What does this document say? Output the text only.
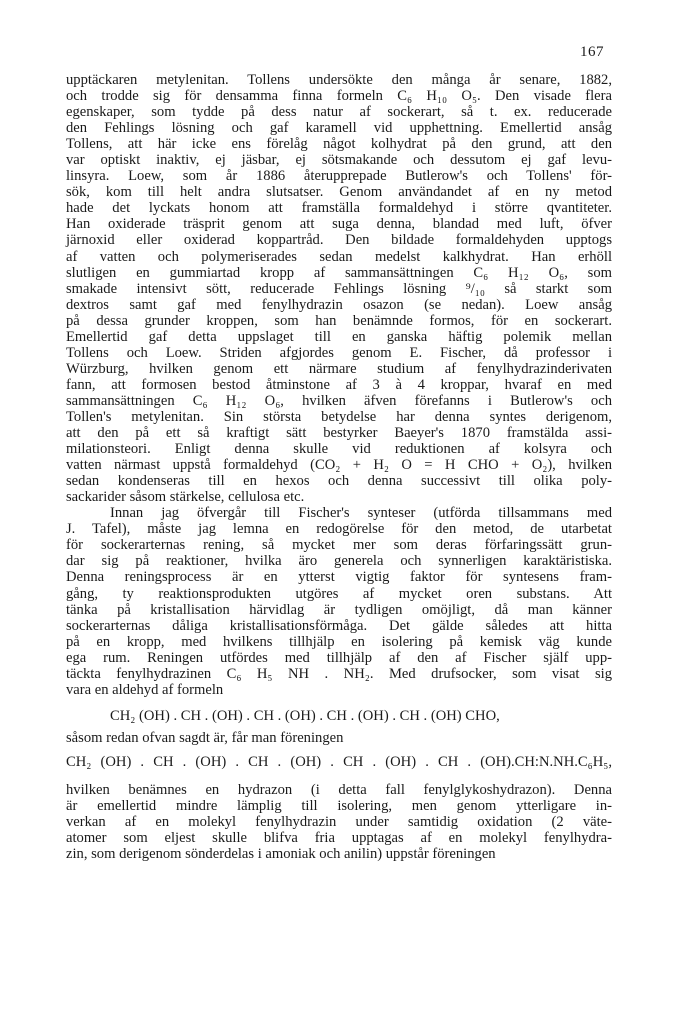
167
upptäckaren metylenitan. Tollens undersökte den många år senare, 1882,
och trodde sig för densamma finna formeln C₆ H₁₀ O₅. Den visade flera
egenskaper, som tydde på dess natur af sockerart, så t. ex. reducerade
den Fehlings lösning och gaf karamell vid upphettning. Emellertid ansåg
Tollens, att här icke ens förelåg något kolhydrat på den grund, att den
var optiskt inaktiv, ej jäsbar, ej sötsmakande och dessutom ej gaf levu-
linsyra. Loew, som år 1886 återupprepade Butlerow's och Tollens' för-
sök, kom till helt andra slutsatser. Genom användandet af en ny metod
hade det lyckats honom att framställa formaldehyd i större qvantiteter.
Han oxiderade träsprit genom att suga denna, blandad med luft, öfver
järnoxid eller oxiderad koppartråd. Den bildade formaldehyden upptogs
af vatten och polymeriserades sedan medelst kalkhydrat. Han erhöll
slutligen en gummiartad kropp af sammansättningen C₆ H₁₂ O₆, som
smakade intensivt sött, reducerade Fehlings lösning ⁹/₁₀ så starkt som
dextros samt gaf med fenylhydrazin osazon (se nedan). Loew ansåg
på dessa grunder kroppen, som han benämnde formos, för en sockerart.
Emellertid gaf detta uppslaget till en ganska häftig polemik mellan
Tollens och Loew. Striden afgjordes genom E. Fischer, då professor i
Würzburg, hvilken genom ett närmare studium af fenylhydrazinderivaten
fann, att formosen bestod åtminstone af 3 à 4 kroppar, hvaraf en med
sammansättningen C₆ H₁₂ O₆, hvilken äfven förefanns i Butlerow's och
Tollen's metylenitan. Sin största betydelse har denna syntes derigenom,
att den på ett så kraftigt sätt bestyrker Baeyer's 1870 framstälda assi-
milationsteori. Enligt denna skulle vid reduktionen af kolsyra och
vatten närmast uppstå formaldehyd (CO₂ + H₂ O = H CHO + O₂), hvilken
sedan kondenseras till en hexos och denna successivt till olika poly-
sackarider såsom stärkelse, cellulosa etc.
Innan jag öfvergår till Fischer's synteser (utförda tillsammans med
J. Tafel), måste jag lemna en redogörelse för den metod, de utarbetat
för sockerarternas rening, så mycket mer som deras förfaringssätt grun-
dar sig på reaktioner, hvilka äro generela och synnerligen karaktäristiska.
Denna reningsprocess är en ytterst vigtig faktor för syntesens fram-
gång, ty reaktionsprodukten utgöres af mycket oren substans. Att
tänka på kristallisation härvidlag är tydligen omöjligt, då man känner
sockerarternas dåliga kristallisationsförmåga. Det gälde således att hitta
på en kropp, med hvilkens tillhjälp en isolering på kemisk väg kunde
ega rum. Reningen utfördes med tillhjälp af den af Fischer själf upp-
täckta fenylhydrazinen C₆ H₅ NH . NH₂. Med drufsocker, som visat sig
vara en aldehyd af formeln
CH₂ (OH) . CH . (OH) . CH . (OH) . CH . (OH) . CH . (OH) CHO,
såsom redan ofvan sagdt är, får man föreningen
CH₂ (OH) . CH . (OH) . CH . (OH) . CH . (OH) . CH . (OH).CH:N.NH.C₆H₅,
hvilken benämnes en hydrazon (i detta fall fenylglykoshydrazon). Denna
är emellertid mindre lämplig till isolering, men genom ytterligare in-
verkan af en molekyl fenylhydrazin under samtidig oxidation (2 väte-
atomer som eljest skulle blifva fria upptagas af en molekyl fenylhydra-
zin, som derigenom sönderdelas i amoniak och anilin) uppstår föreningen
